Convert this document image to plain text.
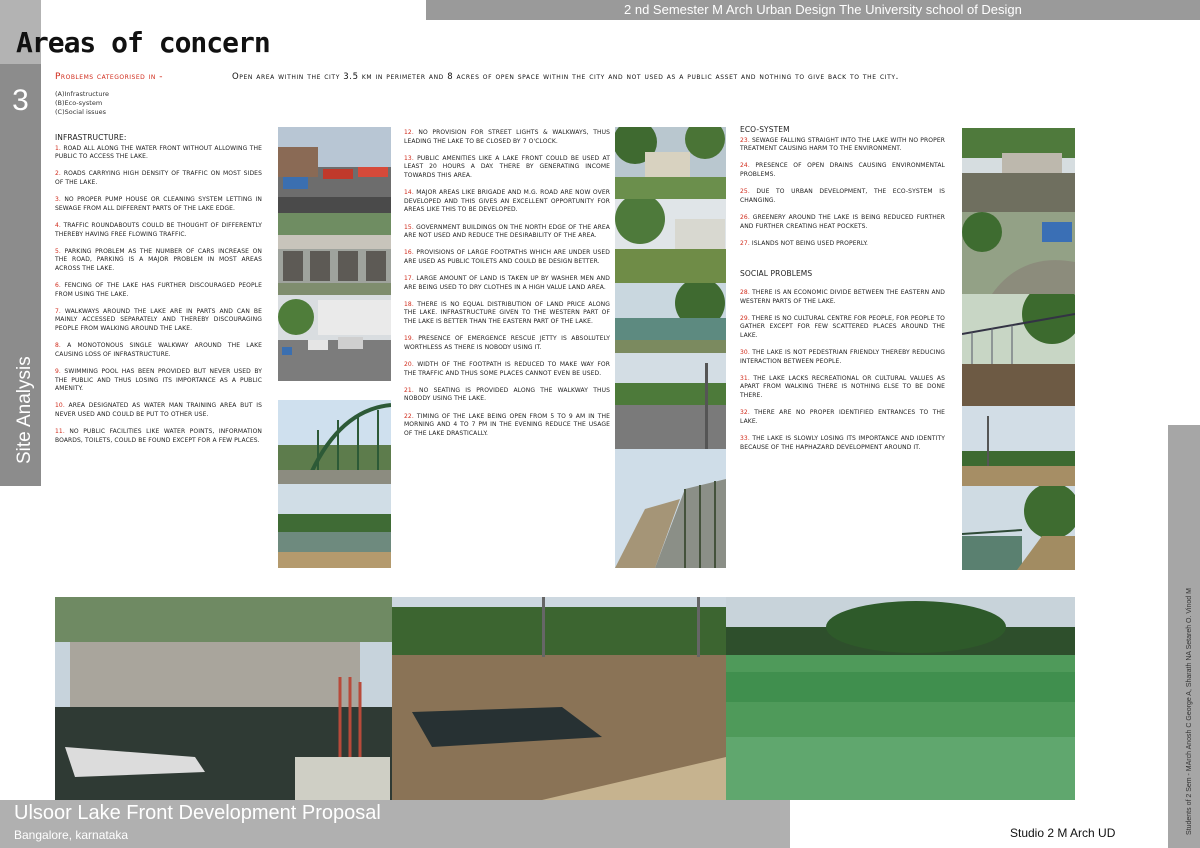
2 nd Semester M Arch Urban Design The University school of Design
3
Site Analysis
Students of 2 Sem - MArch Anosh C George A, Sharath NA Setareh O. Vinod M
Areas of concern
Problems categorised in -
(A)Infrastructure
(B)Eco-system
(C)Social issues
Open area within the city 3.5 km in perimeter and 8 acres of open space within the city and not used as a public asset and nothing to give back to the city.
INFRASTRUCTURE:

1. ROAD ALL ALONG THE WATER FRONT WITHOUT ALLOWING THE PUBLIC TO ACCESS THE LAKE.

2. ROADS CARRYING HIGH DENSITY OF TRAFFIC ON MOST SIDES OF THE LAKE.

3. NO PROPER PUMP HOUSE OR CLEANING SYSTEM LETTING IN SEWAGE FROM ALL DIFFERENT PARTS OF THE LAKE EDGE.

4. TRAFFIC ROUNDABOUTS COULD BE THOUGHT OF DIFFERENTLY THEREBY HAVING FREE FLOWING TRAFFIC.

5. PARKING PROBLEM AS THE NUMBER OF CARS INCREASE ON THE ROAD, PARKING IS A MAJOR PROBLEM IN MOST AREAS ACROSS THE LAKE.

6. FENCING OF THE LAKE HAS FURTHER DISCOURAGED PEOPLE FROM USING THE LAKE.

7. WALKWAYS AROUND THE LAKE ARE IN PARTS AND CAN BE MAINLY ACCESSED SEPARATELY AND THEREBY DISCOURAGING PEOPLE FROM WALKING AROUND THE LAKE.

8. A MONOTONOUS SINGLE WALKWAY AROUND THE LAKE CAUSING LOSS OF INFRASTRUCTURE.

9. SWIMMING POOL HAS BEEN PROVIDED BUT NEVER USED BY THE PUBLIC AND THUS LOSING ITS IMPORTANCE AS A PUBLIC AMENITY.

10. AREA DESIGNATED AS WATER MAN TRAINING AREA BUT IS NEVER USED AND COULD BE PUT TO OTHER USE.

11. NO PUBLIC FACILITIES LIKE WATER POINTS, INFORMATION BOARDS, TOILETS, COULD BE FOUND EXCEPT FOR A FEW PLACES.

12. NO PROVISION FOR STREET LIGHTS & WALKWAYS, THUS LEADING THE LAKE TO BE CLOSED BY 7 O'CLOCK.

13. PUBLIC AMENITIES LIKE A LAKE FRONT COULD BE USED AT LEAST 20 HOURS A DAY. THERE BY GENERATING INCOME TOWARDS THIS AREA.

14. MAJOR AREAS LIKE BRIGADE AND M.G. ROAD ARE NOW OVER DEVELOPED AND THIS GIVES AN EXCELLENT OPPORTUNITY FOR AREAS LIKE THIS TO BE DEVELOPED.

15. GOVERNMENT BUILDINGS ON THE NORTH EDGE OF THE AREA ARE NOT USED AND REDUCE THE DESIRABILITY OF THE AREA.

16. PROVISIONS OF LARGE FOOTPATHS WHICH ARE UNDER USED ARE USED AS PUBLIC TOILETS AND COULD BE DESIGN BETTER.

17. LARGE AMOUNT OF LAND IS TAKEN UP BY WASHER MEN AND ARE BEING USED TO DRY CLOTHES IN A HIGH VALUE LAND AREA.

18. THERE IS NO EQUAL DISTRIBUTION OF LAND PRICE ALONG THE LAKE. INFRASTRUCTURE GIVEN TO THE WESTERN PART OF THE LAKE IS BETTER THAN THE EASTERN PART OF THE LAKE.

19. PRESENCE OF EMERGENCE RESCUE JETTY IS ABSOLUTELY WORTHLESS AS THERE IS NOBODY USING IT.

20. WIDTH OF THE FOOTPATH IS REDUCED TO MAKE WAY FOR THE TRAFFIC AND THUS SOME PLACES CANNOT EVEN BE USED.

21. NO SEATING IS PROVIDED ALONG THE WALKWAY THUS NOBODY USING THE LAKE.

22. TIMING OF THE LAKE BEING OPEN FROM 5 TO 9 AM IN THE MORNING AND 4 TO 7 PM IN THE EVENING REDUCE THE USAGE OF THE LAKE DRASTICALLY.

ECO-SYSTEM

23. SEWAGE FALLING STRAIGHT INTO THE LAKE WITH NO PROPER TREATMENT CAUSING HARM TO THE ENVIRONMENT.

24. PRESENCE OF OPEN DRAINS CAUSING ENVIRONMENTAL PROBLEMS.

25. DUE TO URBAN DEVELOPMENT, THE ECO-SYSTEM IS CHANGING.

26. GREENERY AROUND THE LAKE IS BEING REDUCED FURTHER AND FURTHER CREATING HEAT POCKETS.

27. ISLANDS NOT BEING USED PROPERLY.

SOCIAL PROBLEMS

28. THERE IS AN ECONOMIC DIVIDE BETWEEN THE EASTERN AND WESTERN PARTS OF THE LAKE.

29. THERE IS NO CULTURAL CENTRE FOR PEOPLE, FOR PEOPLE TO GATHER EXCEPT FOR FEW SCATTERED PLACES AROUND THE LAKE.

30. THE LAKE IS NOT PEDESTRIAN FRIENDLY THEREBY REDUCING INTERACTION BETWEEN PEOPLE.

31. THE LAKE LACKS RECREATIONAL OR CULTURAL VALUES AS APART FROM WALKING THERE IS NOTHING ELSE TO BE DONE THERE.

32. THERE ARE NO PROPER IDENTIFIED ENTRANCES TO THE LAKE.

33. THE LAKE IS SLOWLY LOSING ITS IMPORTANCE AND IDENTITY BECAUSE OF THE HAPHAZARD DEVELOPMENT AROUND IT.

Ulsoor Lake Front Development Proposal
Bangalore, karnataka	Studio 2 M Arch UD
